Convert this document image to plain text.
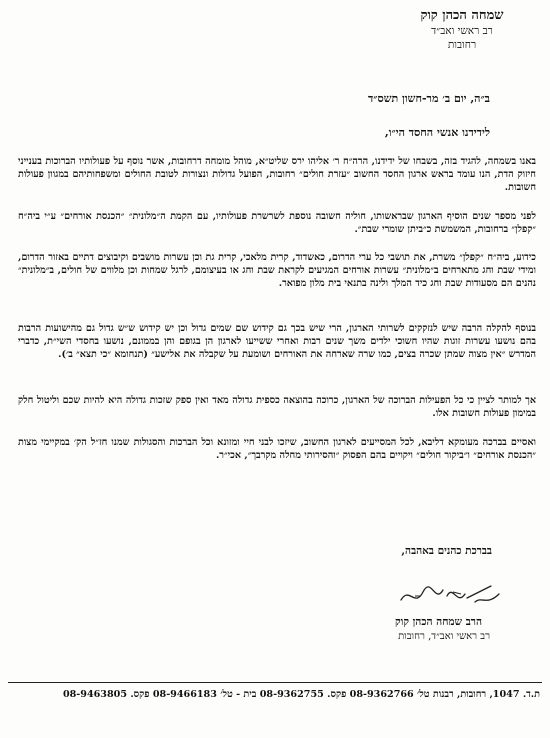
שמחה הכהן קוק
רב ראשי ואב״ד
רחובות
ב״ה, יום ב׳ מר-חשון תשס״ד
לידידנו אנשי החסד הי״ו,

באנו בשמחה, להגיד בזה, בשבחו של ידידנו, הרה״ח ר׳ אליהו ירס שליט״א, מוהל מומחה דרחובות, אשר נוסף על פעולותיו הברוכות בענייני חיזוק הדת, הנו עומד בראש ארגון החסד החשוב ״עזרת חולים״ רחובות, הפועל גדולות ונצורות לטובת החולים ומשפחותיהם במגוון פעולות חשובות.

לפני מספר שנים הוסיף הארגון שבראשותו, חוליה חשובה נוספת לשרשרת פעולותיו, עם הקמת ה״מלונית״ ״הכנסת אורחים״ ע״י ביה״ח ״קפלן״ ברחובות, המשמשת כ״ביתן שומרי שבת״.

כידוע, ביה״ח ״קפלן״ משרת, את תושבי כל ערי הדרום, כאשדוד, קרית מלאכי, קרית גת וכן עשרות מושבים וקיבוצים דתיים באזור הדרום, ומידי שבת וחג מתארחים ב״מלונית״ עשרות אורחים המגיעים לקראת שבת וחג או בעיצומם, לרגל שמחות וכן מלווים של חולים, ב״מלונית״ נהנים הם מסעודות שבת וחג כיד המלך ולינה בתנאי בית מלון מפואר.

בנוסף להקלה הרבה שיש לנזקקים לשרותי הארגון, הרי שיש בכך גם קידוש שם שמים גדול וכן יש קידוש ש״ש גדול גם מהישועות הרבות בהם נושעו עשרות זוגות שהיו חשוכי ילדים משך שנים רבות ואחרי ששייעו לארגון הן בגופם והן בממונם, נושעו בחסדי השי״ת, כדברי המדרש ״אין מצוה שמתן שכרה בצים, כמו שרה שארחה את האורחים ושומעת על שקבלה את אלישע״ (תנחומא ״כי תצא״ ב׳).

אך למותר לציין כי כל הפעילות הברוכה של הארגון, כרוכה בהוצאה כספית גדולה מאד ואין ספק שזכות גדולה היא להיות שכם וליטול חלק במימון פעולות חשובות אלו.

ואסיים בברכה מעומקא דליבא, לכל המסייעים לארגון החשוב, שיזכו לבני חיי ומזונא וכל הברכות והסגולות שמנו חז״ל הק׳ במקיימי מצות ״הכנסת אורחים״ ו״ביקור חולים״ ויקויים בהם הפסוק ״והסירותי מחלה מקרבך״, אכי״ר.

בברכת כהנים באהבה,
הרב שמחה הכהן קוק
רב ראשי ואב״ד, רחובות
ת.ד. 1047, רחובות, רבנות טל׳ 08-9362766 פקס. 08-9362755 בית - טל׳ 08-9466183 פקס. 08-9463805
